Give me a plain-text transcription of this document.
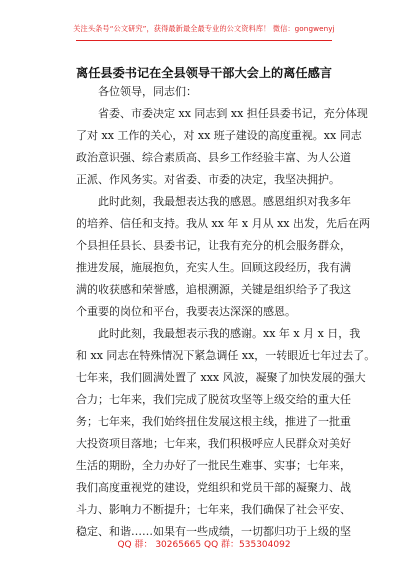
关注头条号“公文研究”，获得最新最全最专业的公文资料库！ 微信：gongwenyj
离任县委书记在全县领导干部大会上的离任感言
各位领导，同志们：
省委、市委决定 xx 同志到 xx 担任县委书记，充分体现
了对 xx 工作的关心，对 xx 班子建设的高度重视。xx 同志
政治意识强、综合素质高、县乡工作经验丰富、为人公道
正派、作风务实。对省委、市委的决定，我坚决拥护。
此时此刻，我最想表达我的感恩。感恩组织对我多年
的培养、信任和支持。我从 xx 年 x 月从 xx 出发，先后在两
个县担任县长、县委书记，让我有充分的机会服务群众，
推进发展，施展抱负，充实人生。回顾这段经历，我有满
满的收获感和荣誉感，追根溯源，关键是组织给予了我这
个重要的岗位和平台，我要表达深深的感恩。
此时此刻，我最想表示我的感谢。xx 年 x 月 x 日，我
和 xx 同志在特殊情况下紧急调任 xx，一转眼近七年过去了。
七年来，我们圆满处置了 xxx 风波，凝聚了加快发展的强大
合力；七年来，我们完成了脱贫攻坚等上级交给的重大任
务；七年来，我们始终扭住发展这根主线，推进了一批重
大投资项目落地；七年来，我们积极呼应人民群众对美好
生活的期盼，全力办好了一批民生难事、实事；七年来，
我们高度重视党的建设，党组织和党员干部的凝聚力、战
斗力、影响力不断提升；七年来，我们确保了社会平安、
稳定、和谐……如果有一些成绩，一切都归功于上级的坚
QQ 群： 30265665 QQ 群：535304092
